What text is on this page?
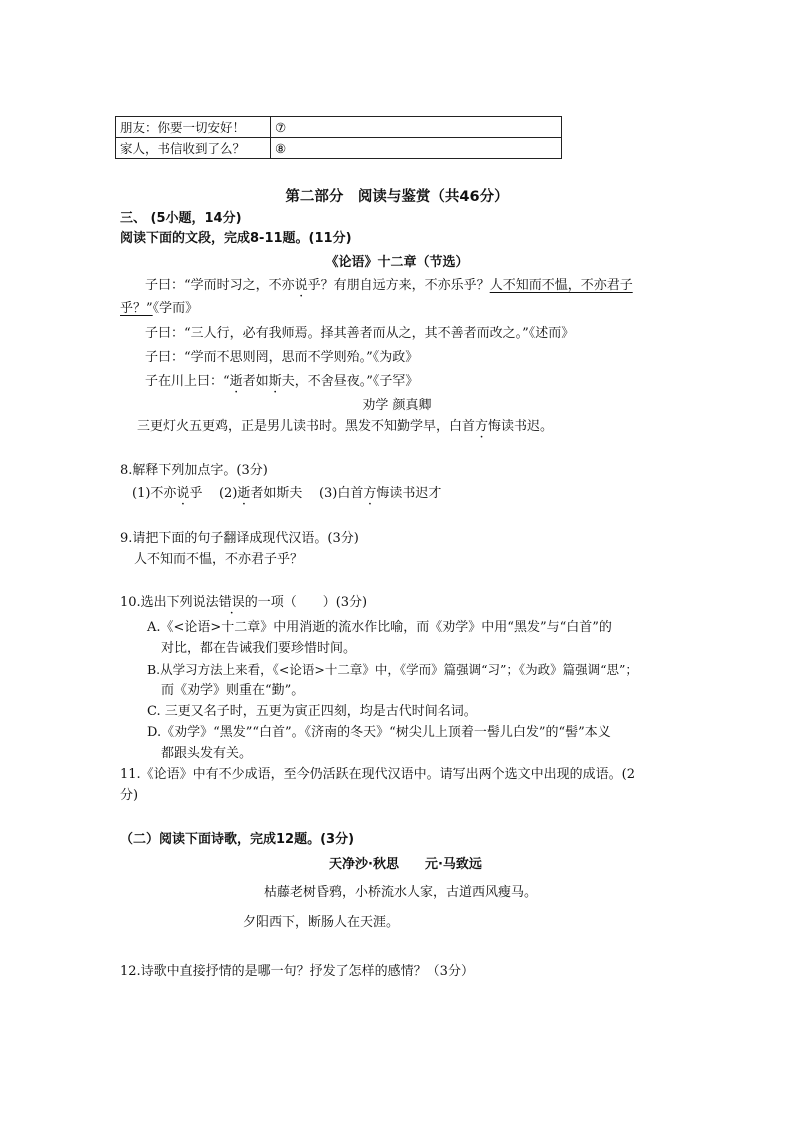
朋友：你要一切安好！	⑦
家人，书信收到了么？	⑧
第二部分　阅读与鉴赏（共46分）
三、 (5小题，14分)
阅读下面的文段，完成8-11题。(11分)
《论语》十二章（节选）
子曰：“学而时习之，不亦说乎？有朋自远方来，不亦乐乎？人不知而不愠，不亦君子
乎？”《学而》
子曰：“三人行，必有我师焉。择其善者而从之，其不善者而改之。”《述而》
子曰：“学而不思则罔，思而不学则殆。”《为政》
子在川上曰：“逝者如斯夫，不舍昼夜。”《子罕》
劝学 颜真卿
三更灯火五更鸡，正是男儿读书时。黑发不知勤学早，白首方悔读书迟。
8.解释下列加点字。(3分)
(1)不亦说乎 (2)逝者如斯夫 (3)白首方悔读书迟才
9.请把下面的句子翻译成现代汉语。(3分)
人不知而不愠，不亦君子乎？
10.选出下列说法错误的一项（　　）(3分)
A.《<论语>十二章》中用消逝的流水作比喻，而《劝学》中用“黑发”与“白首”的
对比，都在告诫我们要珍惜时间。
B.从学习方法上来看，《<论语>十二章》中，《学而》篇强调“习”；《为政》篇强调“思”；
而《劝学》则重在“勤”。
C. 三更又名子时，五更为寅正四刻，均是古代时间名词。
D.《劝学》“黑发”“白首”。《济南的冬天》“树尖儿上顶着一髻儿白发”的“髻”本义
都跟头发有关。
11.《论语》中有不少成语，至今仍活跃在现代汉语中。请写出两个选文中出现的成语。(2
分)
（二）阅读下面诗歌，完成12题。(3分)
天净沙·秋思　　元·马致远
枯藤老树昏鸦，小桥流水人家，古道西风瘦马。
夕阳西下，断肠人在天涯。
12.诗歌中直接抒情的是哪一句？抒发了怎样的感情？（3分）
